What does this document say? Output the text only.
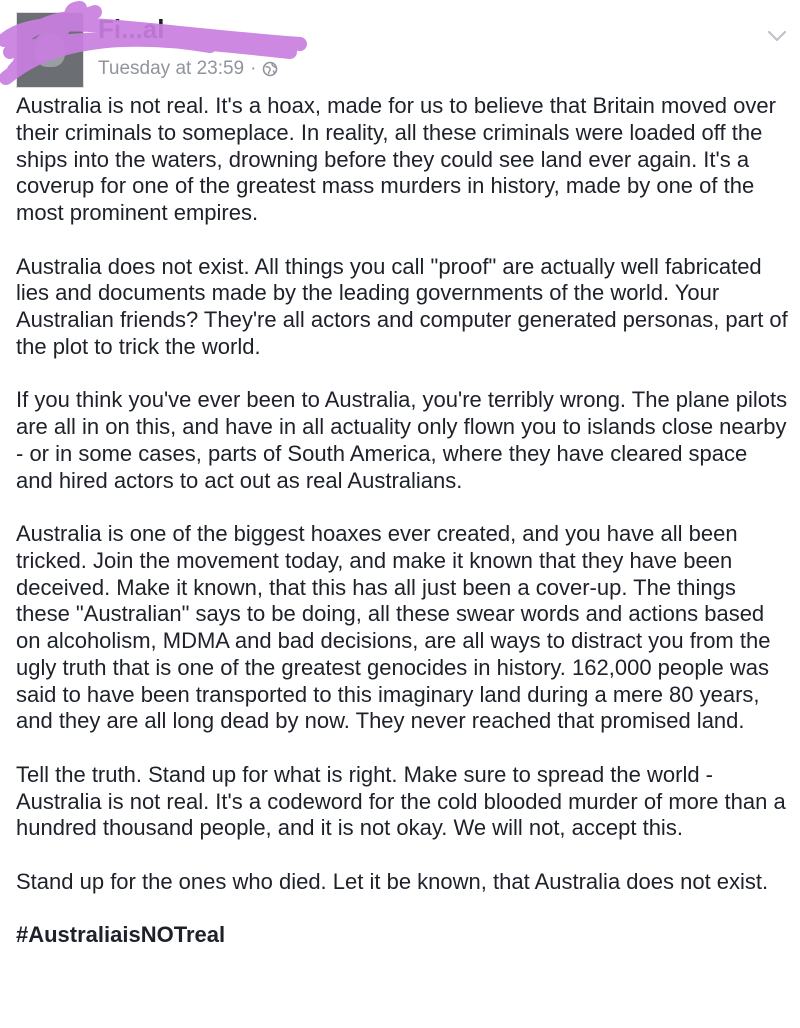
Fi...al
Tuesday at 23:59 ·

Australia is not real. It's a hoax, made for us to believe that Britain moved over their criminals to someplace. In reality, all these criminals were loaded off the ships into the waters, drowning before they could see land ever again. It's a coverup for one of the greatest mass murders in history, made by one of the most prominent empires.

Australia does not exist. All things you call "proof" are actually well fabricated lies and documents made by the leading governments of the world. Your Australian friends? They're all actors and computer generated personas, part of the plot to trick the world.

If you think you've ever been to Australia, you're terribly wrong. The plane pilots are all in on this, and have in all actuality only flown you to islands close nearby - or in some cases, parts of South America, where they have cleared space and hired actors to act out as real Australians.

Australia is one of the biggest hoaxes ever created, and you have all been tricked. Join the movement today, and make it known that they have been deceived. Make it known, that this has all just been a cover-up. The things these "Australian" says to be doing, all these swear words and actions based on alcoholism, MDMA and bad decisions, are all ways to distract you from the ugly truth that is one of the greatest genocides in history. 162,000 people was said to have been transported to this imaginary land during a mere 80 years, and they are all long dead by now. They never reached that promised land.

Tell the truth. Stand up for what is right. Make sure to spread the world - Australia is not real. It's a codeword for the cold blooded murder of more than a hundred thousand people, and it is not okay. We will not, accept this.

Stand up for the ones who died. Let it be known, that Australia does not exist.

#AustraliaisNOTreal
